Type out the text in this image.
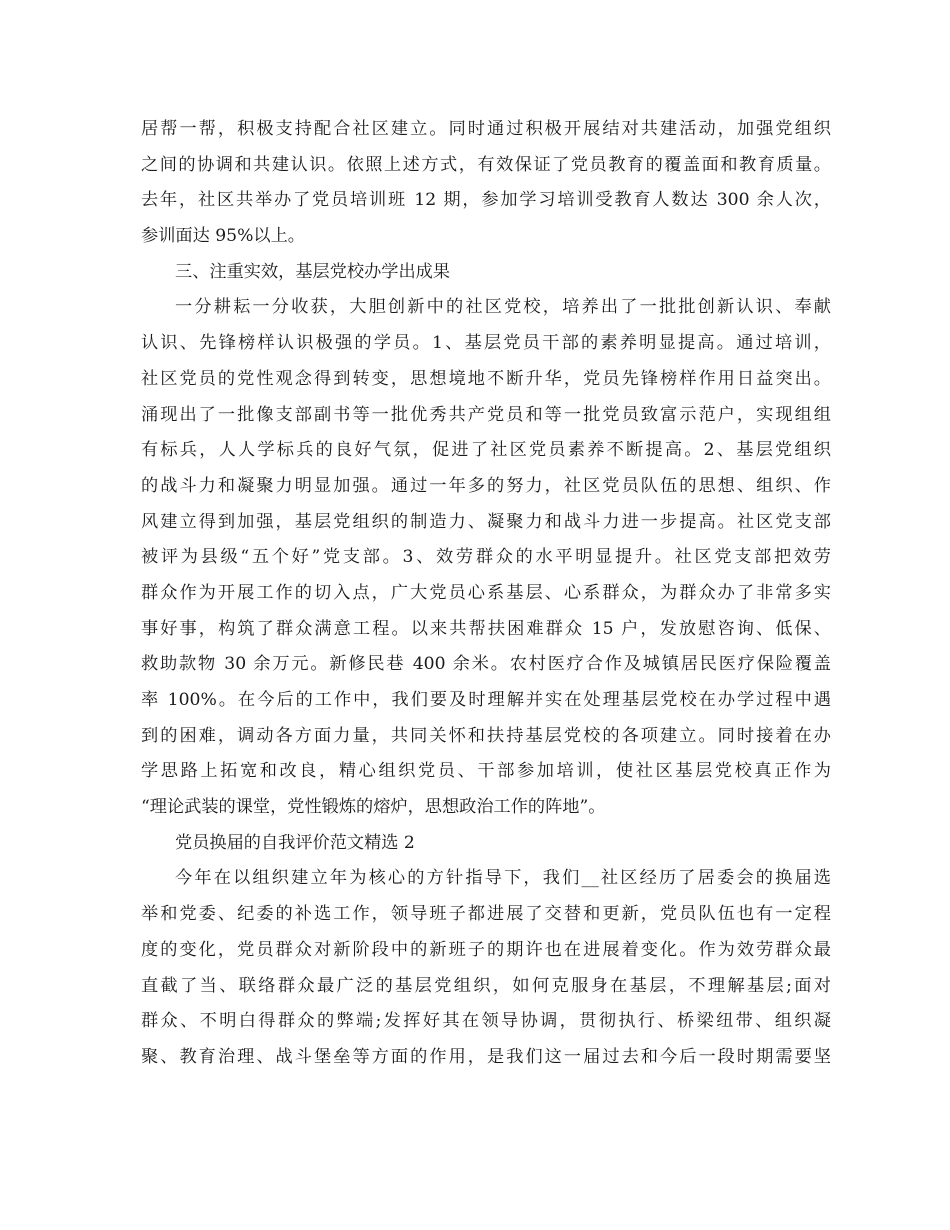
居帮一帮，积极支持配合社区建立。同时通过积极开展结对共建活动，加强党组织
之间的协调和共建认识。依照上述方式，有效保证了党员教育的覆盖面和教育质量。
去年，社区共举办了党员培训班 12 期，参加学习培训受教育人数达 300 余人次，
参训面达 95%以上。
三、注重实效，基层党校办学出成果
一分耕耘一分收获，大胆创新中的社区党校，培养出了一批批创新认识、奉献
认识、先锋榜样认识极强的学员。1、基层党员干部的素养明显提高。通过培训，
社区党员的党性观念得到转变，思想境地不断升华，党员先锋榜样作用日益突出。
涌现出了一批像支部副书等一批优秀共产党员和等一批党员致富示范户，实现组组
有标兵，人人学标兵的良好气氛，促进了社区党员素养不断提高。2、基层党组织
的战斗力和凝聚力明显加强。通过一年多的努力，社区党员队伍的思想、组织、作
风建立得到加强，基层党组织的制造力、凝聚力和战斗力进一步提高。社区党支部
被评为县级“五个好”党支部。3、效劳群众的水平明显提升。社区党支部把效劳
群众作为开展工作的切入点，广大党员心系基层、心系群众，为群众办了非常多实
事好事，构筑了群众满意工程。以来共帮扶困难群众 15 户，发放慰咨询、低保、
救助款物 30 余万元。新修民巷 400 余米。农村医疗合作及城镇居民医疗保险覆盖
率 100%。在今后的工作中，我们要及时理解并实在处理基层党校在办学过程中遇
到的困难，调动各方面力量，共同关怀和扶持基层党校的各项建立。同时接着在办
学思路上拓宽和改良，精心组织党员、干部参加培训，使社区基层党校真正作为
“理论武装的课堂，党性锻炼的熔炉，思想政治工作的阵地”。
党员换届的自我评价范文精选 2
今年在以组织建立年为核心的方针指导下，我们__社区经历了居委会的换届选
举和党委、纪委的补选工作，领导班子都进展了交替和更新，党员队伍也有一定程
度的变化，党员群众对新阶段中的新班子的期许也在进展着变化。作为效劳群众最
直截了当、联络群众最广泛的基层党组织，如何克服身在基层，不理解基层;面对
群众、不明白得群众的弊端;发挥好其在领导协调，贯彻执行、桥梁纽带、组织凝
聚、教育治理、战斗堡垒等方面的作用，是我们这一届过去和今后一段时期需要坚
